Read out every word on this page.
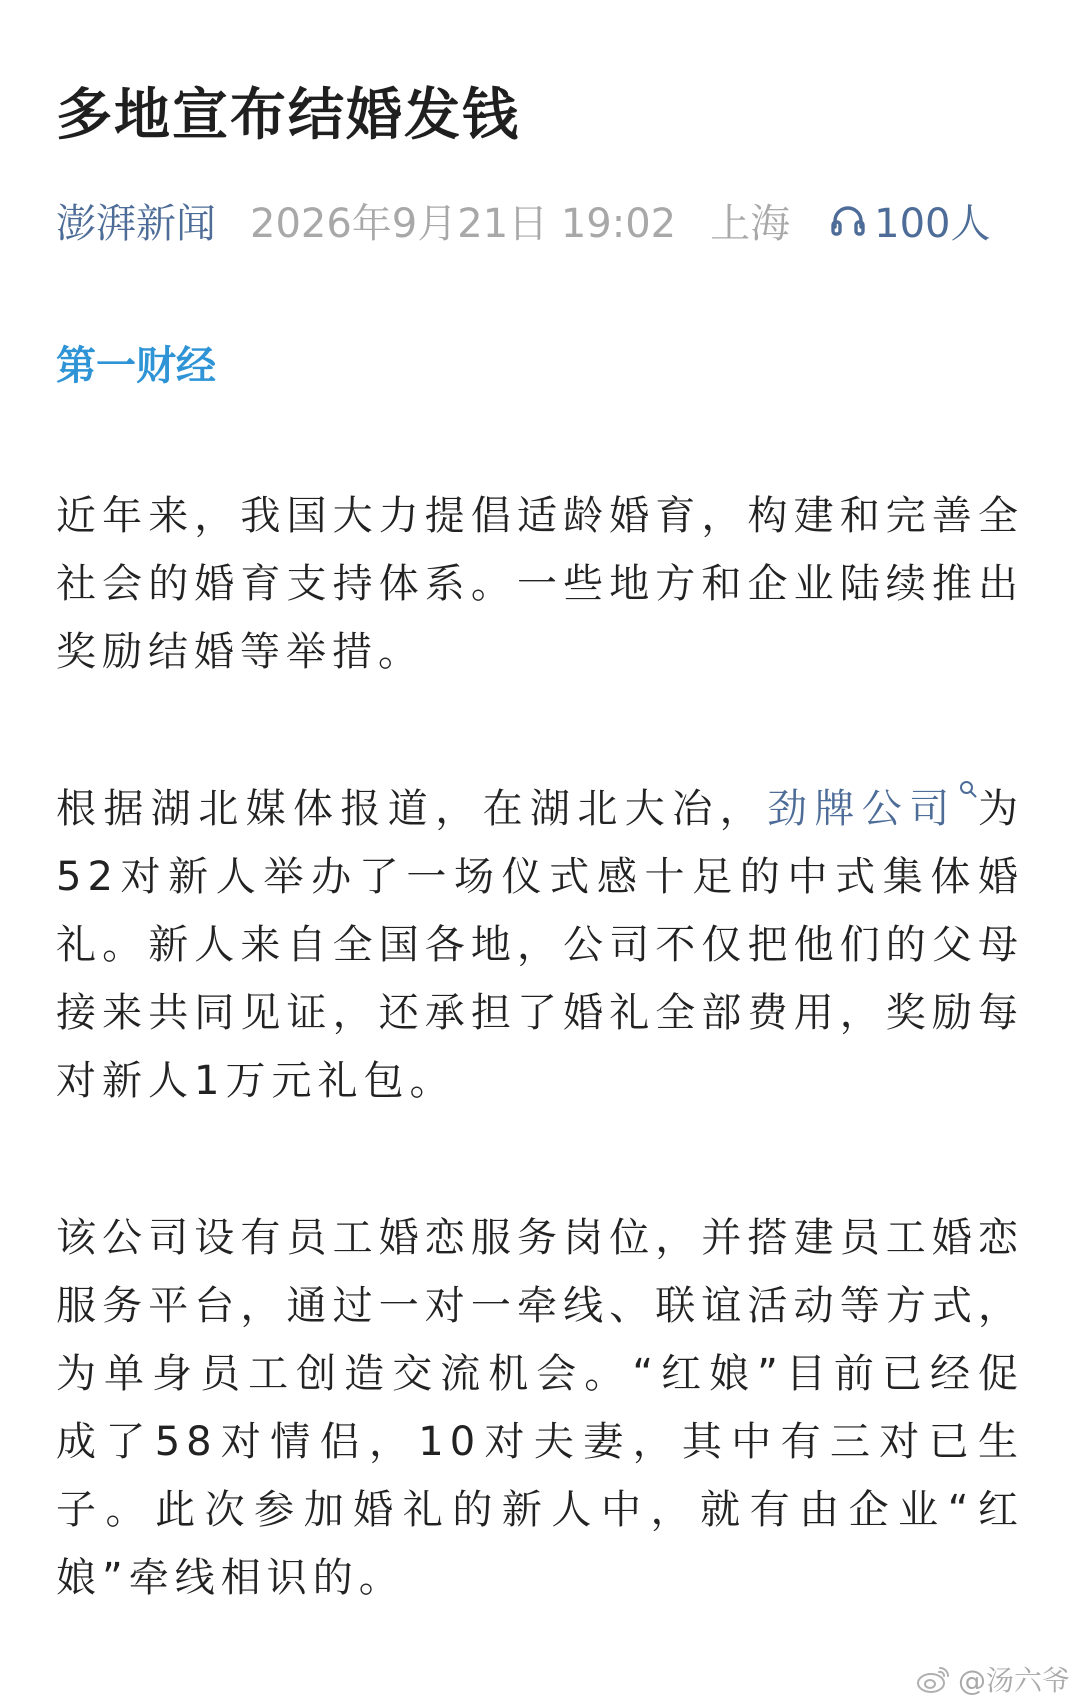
多地宣布结婚发钱
澎湃新闻 2026年9月21日 19:02 上海 100人
第一财经

近年来，我国大力提倡适龄婚育，构建和完善全社会的婚育支持体系。一些地方和企业陆续推出奖励结婚等举措。

根据湖北媒体报道，在湖北大冶，劲牌公司 为52对新人举办了一场仪式感十足的中式集体婚礼。新人来自全国各地，公司不仅把他们的父母接来共同见证，还承担了婚礼全部费用，奖励每对新人1万元礼包。

该公司设有员工婚恋服务岗位，并搭建员工婚恋服务平台，通过一对一牵线、联谊活动等方式，为单身员工创造交流机会。“红娘”目前已经促成了58对情侣，10对夫妻，其中有三对已生子。此次参加婚礼的新人中，就有由企业“红娘”牵线相识的。

@汤六爷
